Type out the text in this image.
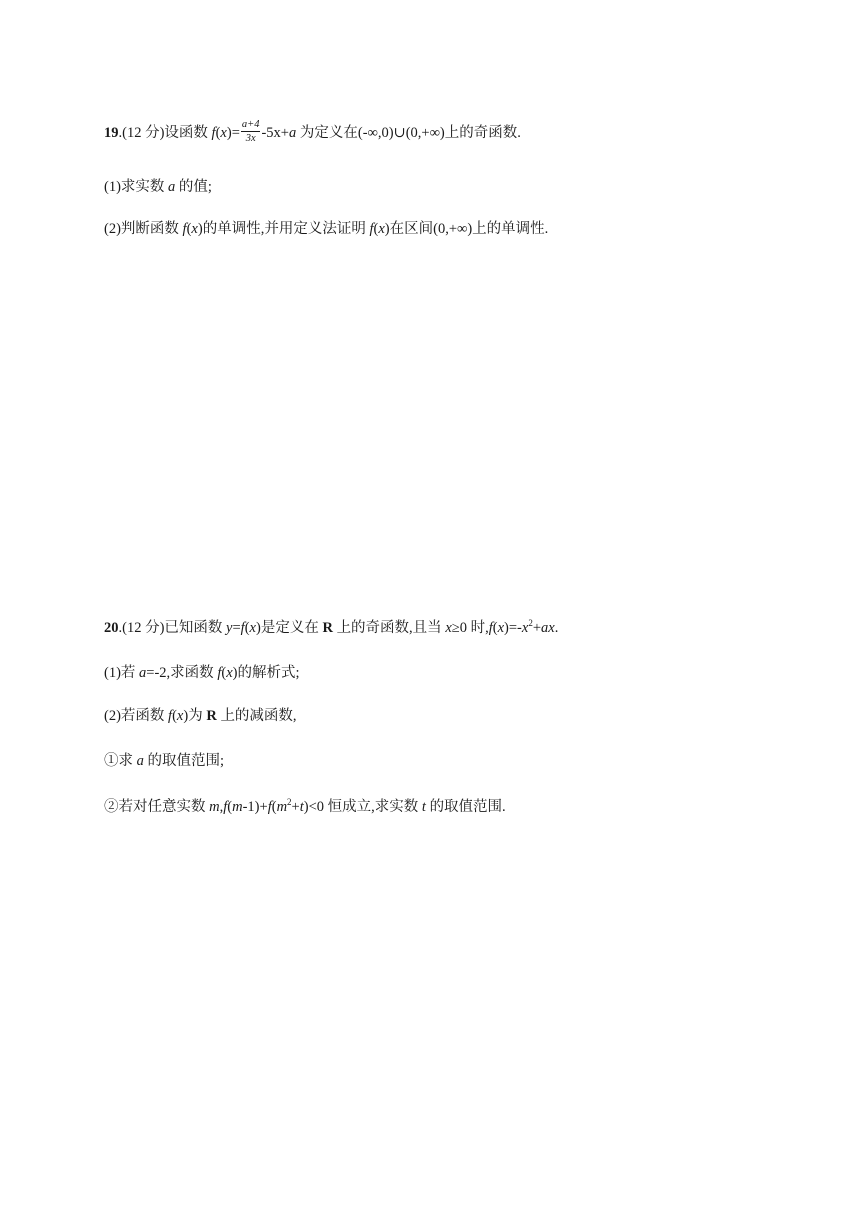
19.(12 分)设函数 $f(x)= \frac{a+4}{3x} -5x+a$ 为定义在(-∞,0)∪(0,+∞)上的奇函数.
(1)求实数 a 的值;
(2)判断函数 f(x)的单调性,并用定义法证明 f(x)在区间(0,+∞)上的单调性.
20.(12 分)已知函数 y=f(x)是定义在 R 上的奇函数,且当 x≥0 时$,f(x)=-x^2+ax$.
(1)若 a=-2,求函数 f(x)的解析式;
(2)若函数 f(x)为 R 上的减函数,
①求 a 的取值范围;
②若对任意实数 $m,f(m-1)+f(m^2+t)<0$ 恒成立,求实数 t 的取值范围.
